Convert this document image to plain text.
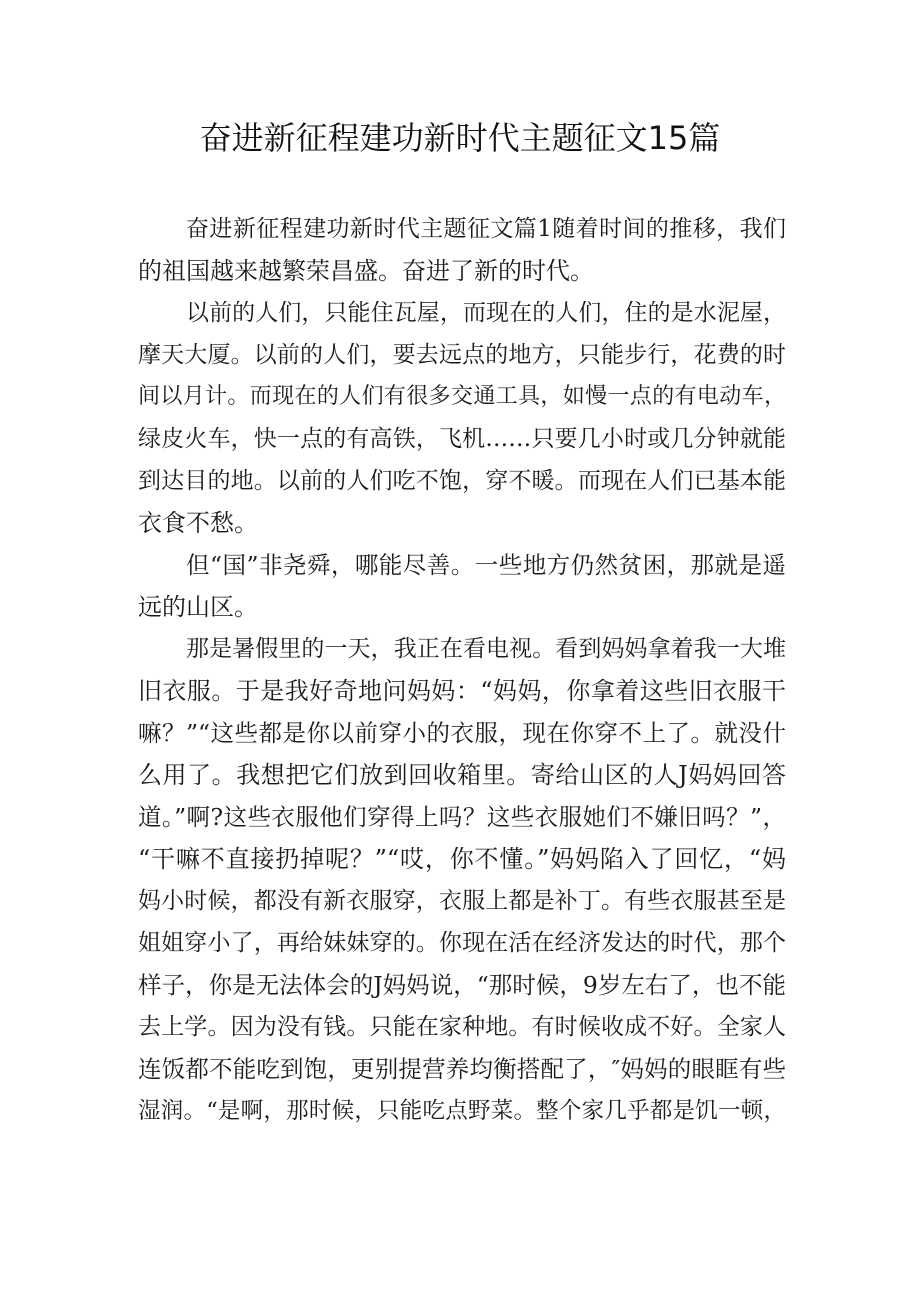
奋进新征程建功新时代主题征文15篇
奋进新征程建功新时代主题征文篇1随着时间的推移，我们
的祖国越来越繁荣昌盛。奋进了新的时代。
以前的人们，只能住瓦屋，而现在的人们，住的是水泥屋，
摩天大厦。以前的人们，要去远点的地方，只能步行，花费的时
间以月计。而现在的人们有很多交通工具，如慢一点的有电动车，
绿皮火车，快一点的有高铁，飞机……只要几小时或几分钟就能
到达目的地。以前的人们吃不饱，穿不暖。而现在人们已基本能
衣食不愁。
但“国”非尧舜，哪能尽善。一些地方仍然贫困，那就是遥
远的山区。
那是暑假里的一天，我正在看电视。看到妈妈拿着我一大堆
旧衣服。于是我好奇地问妈妈：“妈妈，你拿着这些旧衣服干
嘛？”“这些都是你以前穿小的衣服，现在你穿不上了。就没什
么用了。我想把它们放到回收箱里。寄给山区的人J妈妈回答
道。”啊?这些衣服他们穿得上吗？这些衣服她们不嫌旧吗？”，
“干嘛不直接扔掉呢？”“哎，你不懂。”妈妈陷入了回忆，“妈
妈小时候，都没有新衣服穿，衣服上都是补丁。有些衣服甚至是
姐姐穿小了，再给妹妹穿的。你现在活在经济发达的时代，那个
样子，你是无法体会的J妈妈说，“那时候，9岁左右了，也不能
去上学。因为没有钱。只能在家种地。有时候收成不好。全家人
连饭都不能吃到饱，更别提营养均衡搭配了，″妈妈的眼眶有些
湿润。“是啊，那时候，只能吃点野菜。整个家几乎都是饥一顿，
